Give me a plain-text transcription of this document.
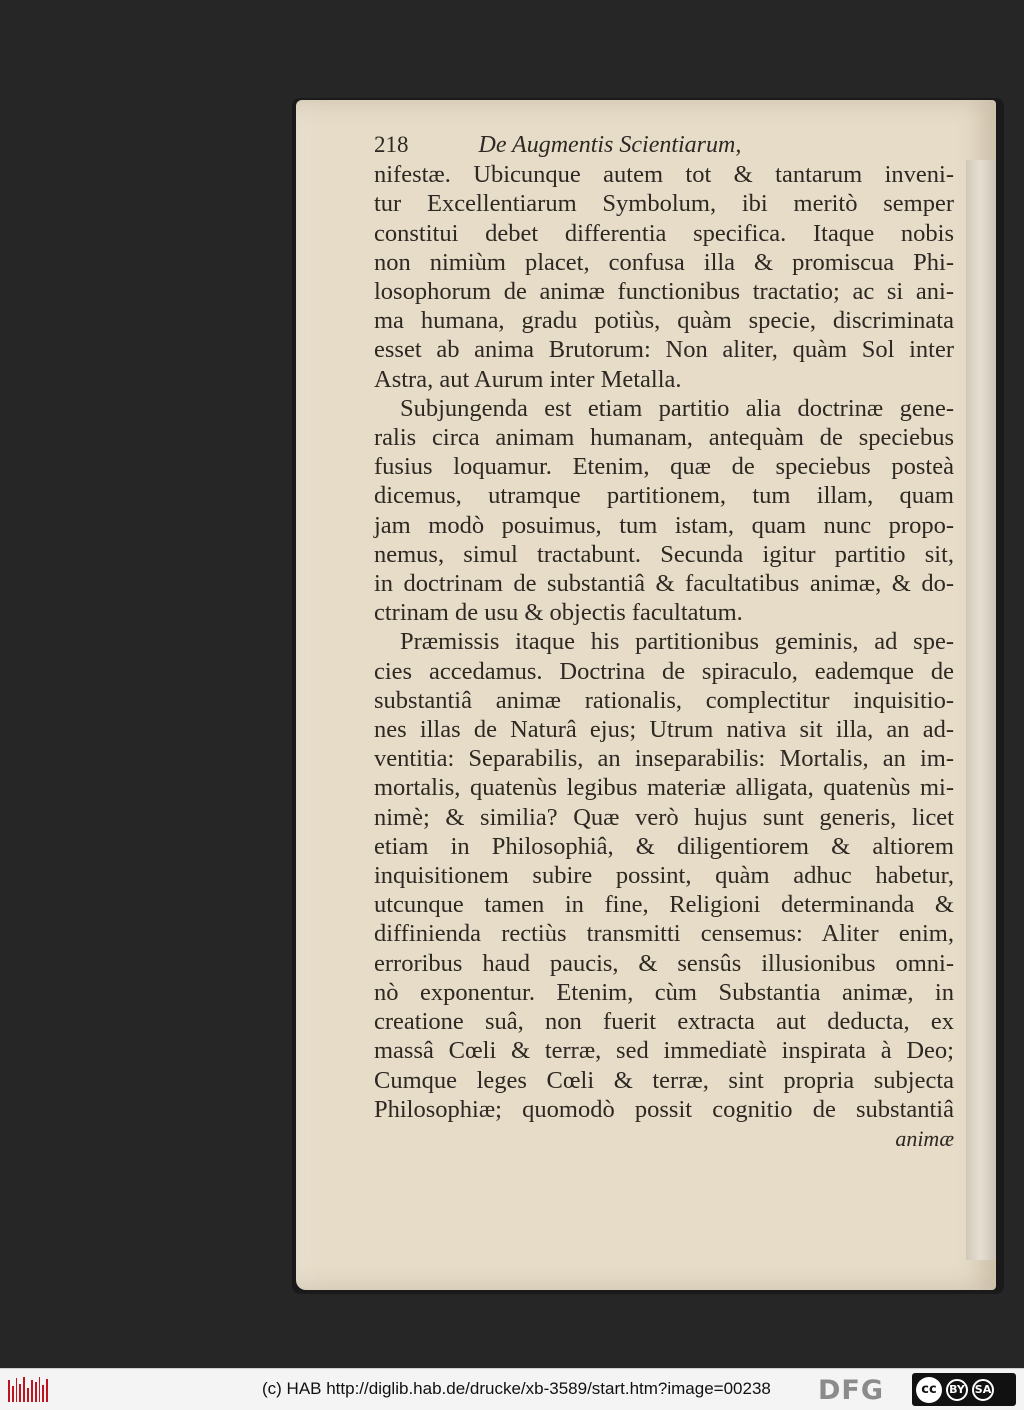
218	De Augmentis Scientiarum,
nifestæ. Ubicunque autem tot & tantarum inveni-
tur Excellentiarum Symbolum, ibi meritò semper
constitui debet differentia specifica. Itaque nobis
non nimiùm placet, confusa illa & promiscua Phi-
losophorum de animæ functionibus tractatio; ac si ani-
ma humana, gradu potiùs, quàm specie, discriminata
esset ab anima Brutorum: Non aliter, quàm Sol inter
Astra, aut Aurum inter Metalla.
Subjungenda est etiam partitio alia doctrinæ gene-
ralis circa animam humanam, antequàm de speciebus
fusius loquamur. Etenim, quæ de speciebus posteà
dicemus, utramque partitionem, tum illam, quam
jam modò posuimus, tum istam, quam nunc propo-
nemus, simul tractabunt. Secunda igitur partitio sit,
in doctrinam de substantiâ & facultatibus animæ, & do-
ctrinam de usu & objectis facultatum.
Præmissis itaque his partitionibus geminis, ad spe-
cies accedamus. Doctrina de spiraculo, eademque de
substantiâ animæ rationalis, complectitur inquisitio-
nes illas de Naturâ ejus; Utrum nativa sit illa, an ad-
ventitia: Separabilis, an inseparabilis: Mortalis, an im-
mortalis, quatenùs legibus materiæ alligata, quatenùs mi-
nimè; & similia? Quæ verò hujus sunt generis, licet
etiam in Philosophiâ, & diligentiorem & altiorem
inquisitionem subire possint, quàm adhuc habetur,
utcunque tamen in fine, Religioni determinanda &
diffinienda rectiùs transmitti censemus: Aliter enim,
erroribus haud paucis, & sensûs illusionibus omni-
nò exponentur. Etenim, cùm Substantia animæ, in
creatione suâ, non fuerit extracta aut deducta, ex
massâ Cœli & terræ, sed immediatè inspirata à Deo;
Cumque leges Cœli & terræ, sint propria subjecta
Philosophiæ; quomodò possit cognitio de substantiâ
animæ
(c) HAB http://diglib.hab.de/drucke/xb-3589/start.htm?image=00238 DFG	cc	BY SA
